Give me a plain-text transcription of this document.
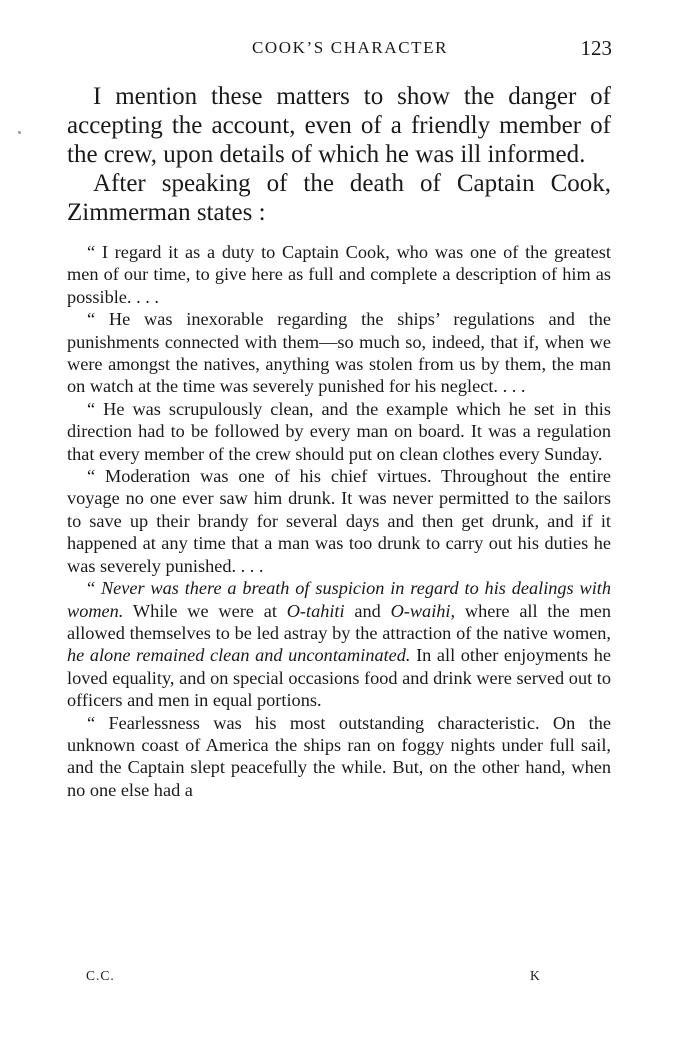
COOK’S CHARACTER	123

I mention these matters to show the danger of accepting the account, even of a friendly member of the crew, upon details of which he was ill informed.

After speaking of the death of Captain Cook, Zimmerman states :

“ I regard it as a duty to Captain Cook, who was one of the greatest men of our time, to give here as full and complete a description of him as possible. . . .

“ He was inexorable regarding the ships’ regulations and the punishments connected with them—so much so, indeed, that if, when we were amongst the natives, anything was stolen from us by them, the man on watch at the time was severely punished for his neglect. . . .

“ He was scrupulously clean, and the example which he set in this direction had to be followed by every man on board. It was a regulation that every member of the crew should put on clean clothes every Sunday.

“ Moderation was one of his chief virtues. Throughout the entire voyage no one ever saw him drunk. It was never permitted to the sailors to save up their brandy for several days and then get drunk, and if it happened at any time that a man was too drunk to carry out his duties he was severely punished. . . .

“ Never was there a breath of suspicion in regard to his dealings with women. While we were at O-tahiti and O-waihi, where all the men allowed themselves to be led astray by the attraction of the native women, he alone remained clean and uncontaminated. In all other enjoyments he loved equality, and on special occasions food and drink were served out to officers and men in equal portions.

“ Fearlessness was his most outstanding characteristic. On the unknown coast of America the ships ran on foggy nights under full sail, and the Captain slept peacefully the while. But, on the other hand, when no one else had a

C.C.	K
